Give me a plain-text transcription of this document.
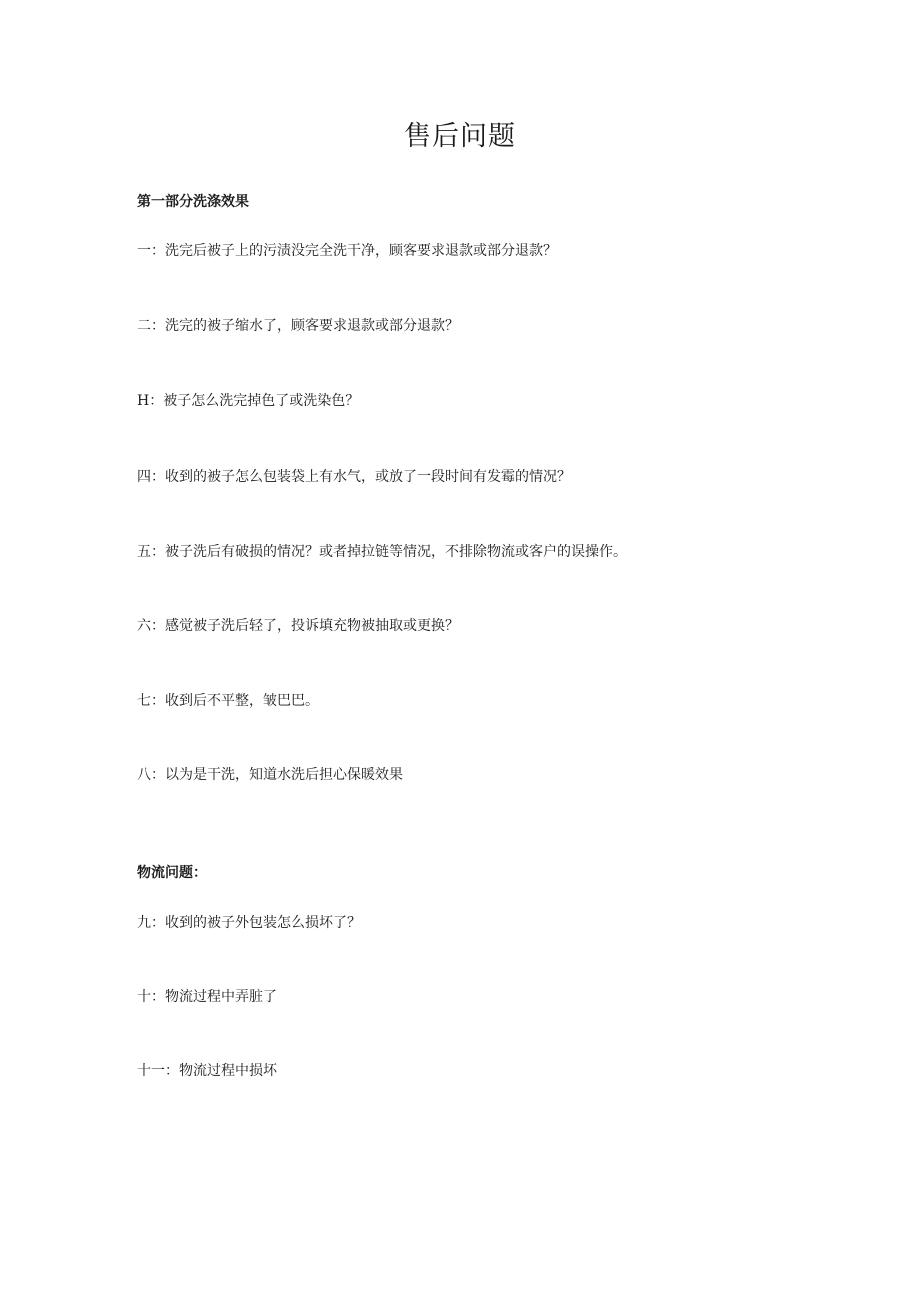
售后问题
第一部分洗涤效果

一：洗完后被子上的污渍没完全洗干净，顾客要求退款或部分退款？

二：洗完的被子缩水了，顾客要求退款或部分退款？

H：被子怎么洗完掉色了或洗染色？

四：收到的被子怎么包装袋上有水气，或放了一段时间有发霉的情况？

五：被子洗后有破损的情况？或者掉拉链等情况，不排除物流或客户的误操作。

六：感觉被子洗后轻了，投诉填充物被抽取或更换？

七：收到后不平整，皱巴巴。

八：以为是干洗，知道水洗后担心保暖效果

物流问题：

九：收到的被子外包装怎么损坏了？

十：物流过程中弄脏了

十一：物流过程中损坏
